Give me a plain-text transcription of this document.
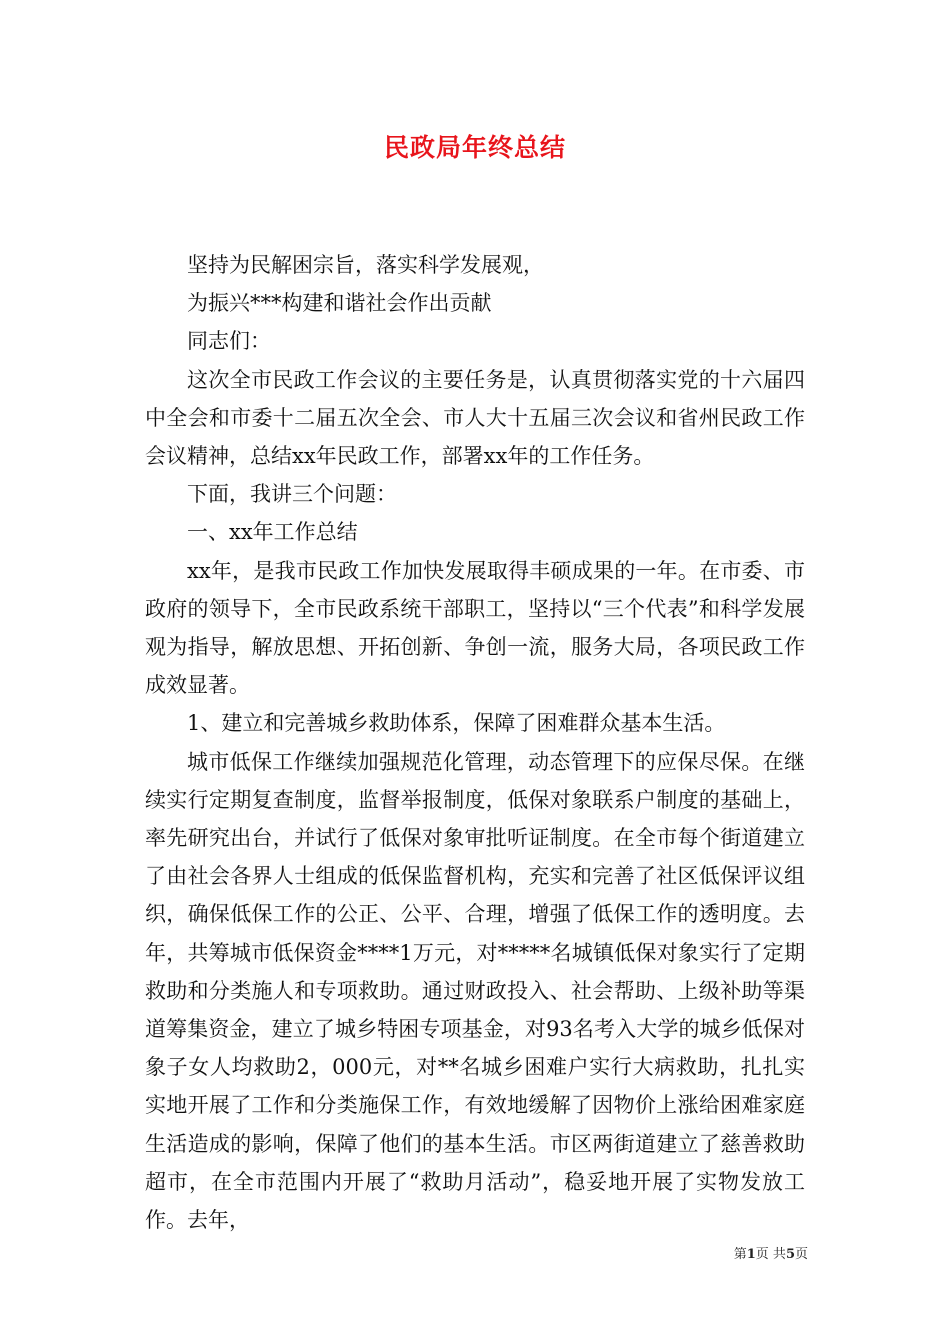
民政局年终总结

坚持为民解困宗旨，落实科学发展观，

为振兴***构建和谐社会作出贡献

同志们：

这次全市民政工作会议的主要任务是，认真贯彻落实党的十六届四中全会和市委十二届五次全会、市人大十五届三次会议和省州民政工作会议精神，总结xx年民政工作，部署xx年的工作任务。

下面，我讲三个问题：

一、xx年工作总结

xx年，是我市民政工作加快发展取得丰硕成果的一年。在市委、市政府的领导下，全市民政系统干部职工，坚持以“三个代表”和科学发展观为指导，解放思想、开拓创新、争创一流，服务大局，各项民政工作成效显著。

1、建立和完善城乡救助体系，保障了困难群众基本生活。

城市低保工作继续加强规范化管理，动态管理下的应保尽保。在继续实行定期复查制度，监督举报制度，低保对象联系户制度的基础上，率先研究出台，并试行了低保对象审批听证制度。在全市每个街道建立了由社会各界人士组成的低保监督机构，充实和完善了社区低保评议组织，确保低保工作的公正、公平、合理，增强了低保工作的透明度。去年，共筹城市低保资金****1万元，对*****名城镇低保对象实行了定期救助和分类施人和专项救助。通过财政投入、社会帮助、上级补助等渠道筹集资金，建立了城乡特困专项基金，对93名考入大学的城乡低保对象子女人均救助2，000元，对**名城乡困难户实行大病救助，扎扎实实地开展了工作和分类施保工作，有效地缓解了因物价上涨给困难家庭生活造成的影响，保障了他们的基本生活。市区两街道建立了慈善救助超市，在全市范围内开展了“救助月活动”，稳妥地开展了实物发放工作。去年，

第1页 共5页
